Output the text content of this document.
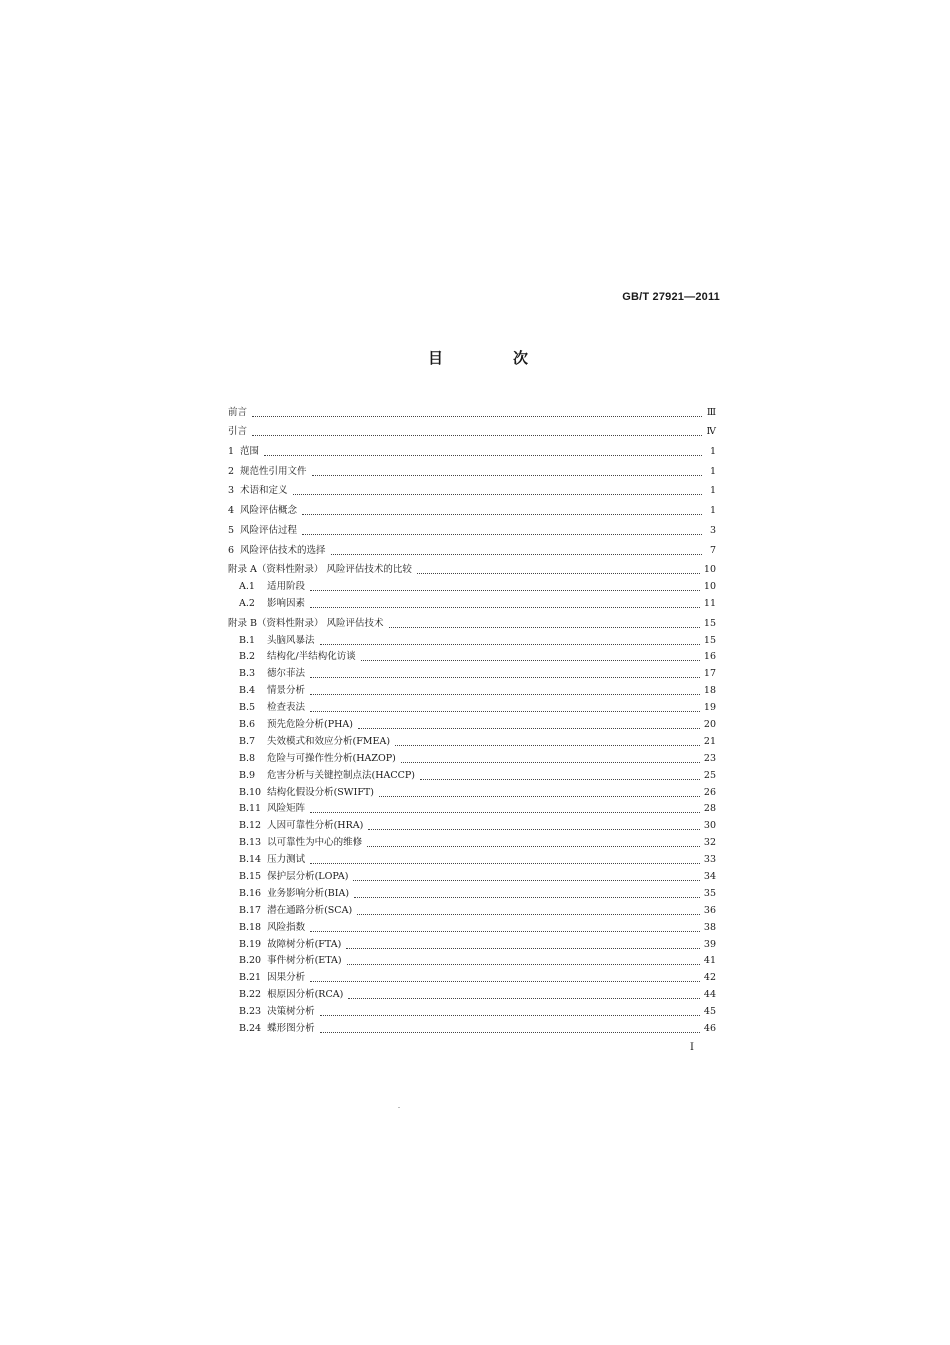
GB/T 27921—2011
目	次
前言	Ⅲ
引言	Ⅳ
1 范围	1
2 规范性引用文件	1
3 术语和定义	1
4 风险评估概念	1
5 风险评估过程	3
6 风险评估技术的选择	7
附录 A（资料性附录） 风险评估技术的比较	10
A.1	适用阶段	10
A.2	影响因素	11
附录 B（资料性附录） 风险评估技术	15
B.1	头脑风暴法	15
B.2	结构化/半结构化访谈	16
B.3	德尔菲法	17
B.4	情景分析	18
B.5	检查表法	19
B.6	预先危险分析(PHA)	20
B.7	失效模式和效应分析(FMEA)	21
B.8	危险与可操作性分析(HAZOP)	23
B.9	危害分析与关键控制点法(HACCP)	25
B.10 结构化假设分析(SWIFT)	26
B.11 风险矩阵	28
B.12 人因可靠性分析(HRA)	30
B.13 以可靠性为中心的维修	32
B.14 压力测试	33
B.15 保护层分析(LOPA)	34
B.16 业务影响分析(BIA)	35
B.17 潜在通路分析(SCA)	36
B.18 风险指数	38
B.19 故障树分析(FTA)	39
B.20 事件树分析(ETA)	41
B.21 因果分析	42
B.22 根原因分析(RCA)	44
B.23 决策树分析	45
B.24 蝶形图分析	46
I
